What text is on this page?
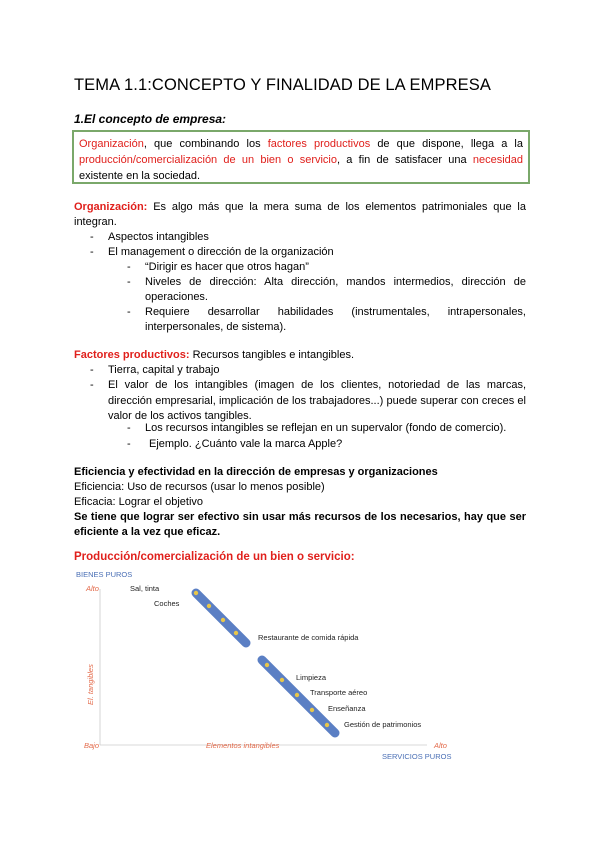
TEMA 1.1:CONCEPTO Y FINALIDAD DE LA EMPRESA
1.El concepto de empresa:
Organización, que combinando los factores productivos de que dispone, llega a la producción/comercialización de un bien o servicio, a fin de satisfacer una necesidad existente en la sociedad.
Organización: Es algo más que la mera suma de los elementos patrimoniales que la integran.
- Aspectos intangibles
- El management o dirección de la organización
- “Dirigir es hacer que otros hagan”
- Niveles de dirección: Alta dirección, mandos intermedios, dirección de operaciones.
- Requiere desarrollar habilidades (instrumentales, intrapersonales, interpersonales, de sistema).
Factores productivos: Recursos tangibles e intangibles.
- Tierra, capital y trabajo
- El valor de los intangibles (imagen de los clientes, notoriedad de las marcas, dirección empresarial, implicación de los trabajadores...) puede superar con creces el valor de los activos tangibles.
- Los recursos intangibles se reflejan en un supervalor (fondo de comercio).
- Ejemplo. ¿Cuánto vale la marca Apple?
Eficiencia y efectividad en la dirección de empresas y organizaciones
Eficiencia: Uso de recursos (usar lo menos posible)
Eficacia: Lograr el objetivo
Se tiene que lograr ser efectivo sin usar más recursos de los necesarios, hay que ser eficiente a la vez que eficaz.
Producción/comercialización de un bien o servicio:
BIENES PUROS
Alto
Bajo	Elementos intangibles	Alto
SERVICIOS PUROS
El. tangibles
Sal, tinta
Coches
Restaurante de comida rápida
Limpieza
Transporte aéreo
Enseñanza
Gestión de patrimonios
